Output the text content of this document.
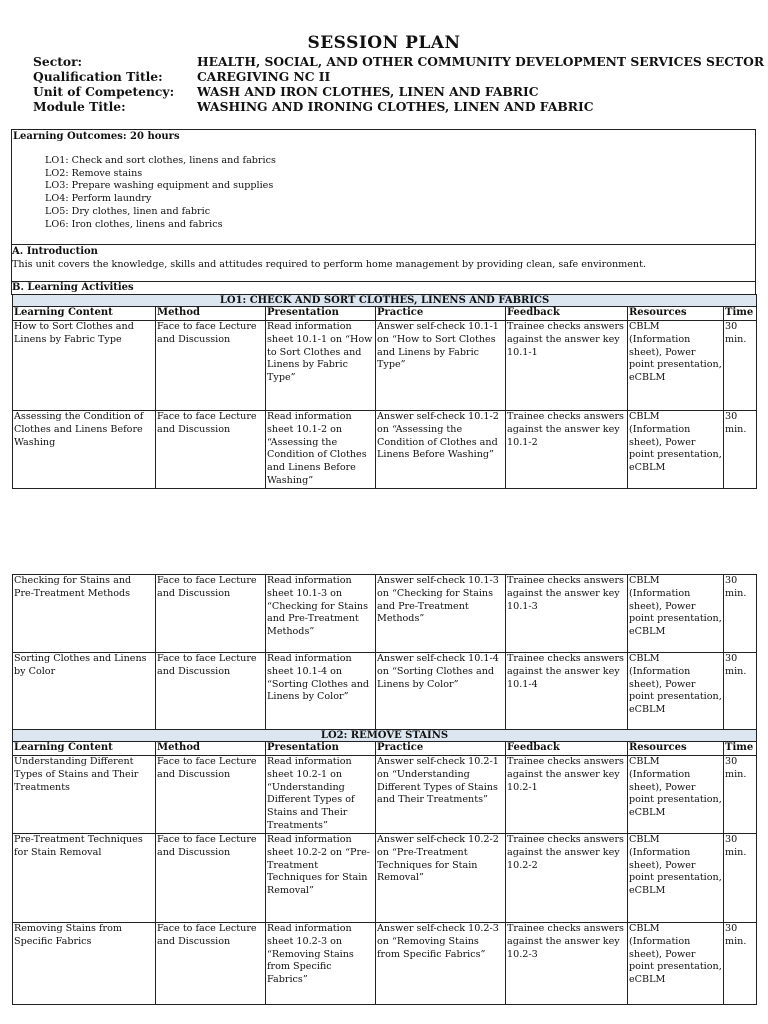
SESSION PLAN
Sector:	HEALTH, SOCIAL, AND OTHER COMMUNITY DEVELOPMENT SERVICES SECTOR
Qualification Title:	CAREGIVING NC II
Unit of Competency:	WASH AND IRON CLOTHES, LINEN AND FABRIC
Module Title:	WASHING AND IRONING CLOTHES, LINEN AND FABRIC
Learning Outcomes: 20 hours
LO1: Check and sort clothes, linens and fabrics
LO2: Remove stains
LO3: Prepare washing equipment and supplies
LO4: Perform laundry
LO5: Dry clothes, linen and fabric
LO6: Iron clothes, linens and fabrics
A. Introduction
This unit covers the knowledge, skills and attitudes required to perform home management by providing clean, safe environment.
B. Learning Activities
LO1: CHECK AND SORT CLOTHES, LINENS AND FABRICS						
Learning Content	Method	Presentation	Practice	Feedback	Resources	Time
How to Sort Clothes and Linens by Fabric Type	Face to face Lecture and Discussion	Read information sheet 10.1-1 on “How to Sort Clothes and Linens by Fabric Type”	Answer self-check 10.1-1 on “How to Sort Clothes and Linens by Fabric Type”	Trainee checks answers against the answer key 10.1-1	CBLM (Information sheet), Power point presentation, eCBLM	30 min.
Assessing the Condition of Clothes and Linens Before Washing	Face to face Lecture and Discussion	Read information sheet 10.1-2 on “Assessing the Condition of Clothes and Linens Before Washing”	Answer self-check 10.1-2 on “Assessing the Condition of Clothes and Linens Before Washing”	Trainee checks answers against the answer key 10.1-2	CBLM (Information sheet), Power point presentation, eCBLM	30 min.
Checking for Stains and Pre-Treatment Methods	Face to face Lecture and Discussion	Read information sheet 10.1-3 on “Checking for Stains and Pre-Treatment Methods”	Answer self-check 10.1-3 on “Checking for Stains and Pre-Treatment Methods”	Trainee checks answers against the answer key 10.1-3	CBLM (Information sheet), Power point presentation, eCBLM	30 min.
Sorting Clothes and Linens by Color	Face to face Lecture and Discussion	Read information sheet 10.1-4 on “Sorting Clothes and Linens by Color”	Answer self-check 10.1-4 on “Sorting Clothes and Linens by Color”	Trainee checks answers against the answer key 10.1-4	CBLM (Information sheet), Power point presentation, eCBLM	30 min.
LO2: REMOVE STAINS						
Learning Content	Method	Presentation	Practice	Feedback	Resources	Time
Understanding Different Types of Stains and Their Treatments	Face to face Lecture and Discussion	Read information sheet 10.2-1 on “Understanding Different Types of Stains and Their Treatments”	Answer self-check 10.2-1 on “Understanding Different Types of Stains and Their Treatments”	Trainee checks answers against the answer key 10.2-1	CBLM (Information sheet), Power point presentation, eCBLM	30 min.
Pre-Treatment Techniques for Stain Removal	Face to face Lecture and Discussion	Read information sheet 10.2-2 on “Pre-Treatment Techniques for Stain Removal”	Answer self-check 10.2-2 on “Pre-Treatment Techniques for Stain Removal”	Trainee checks answers against the answer key 10.2-2	CBLM (Information sheet), Power point presentation, eCBLM	30 min.
Removing Stains from Specific Fabrics	Face to face Lecture and Discussion	Read information sheet 10.2-3 on “Removing Stains from Specific Fabrics”	Answer self-check 10.2-3 on “Removing Stains from Specific Fabrics”	Trainee checks answers against the answer key 10.2-3	CBLM (Information sheet), Power point presentation, eCBLM	30 min.
